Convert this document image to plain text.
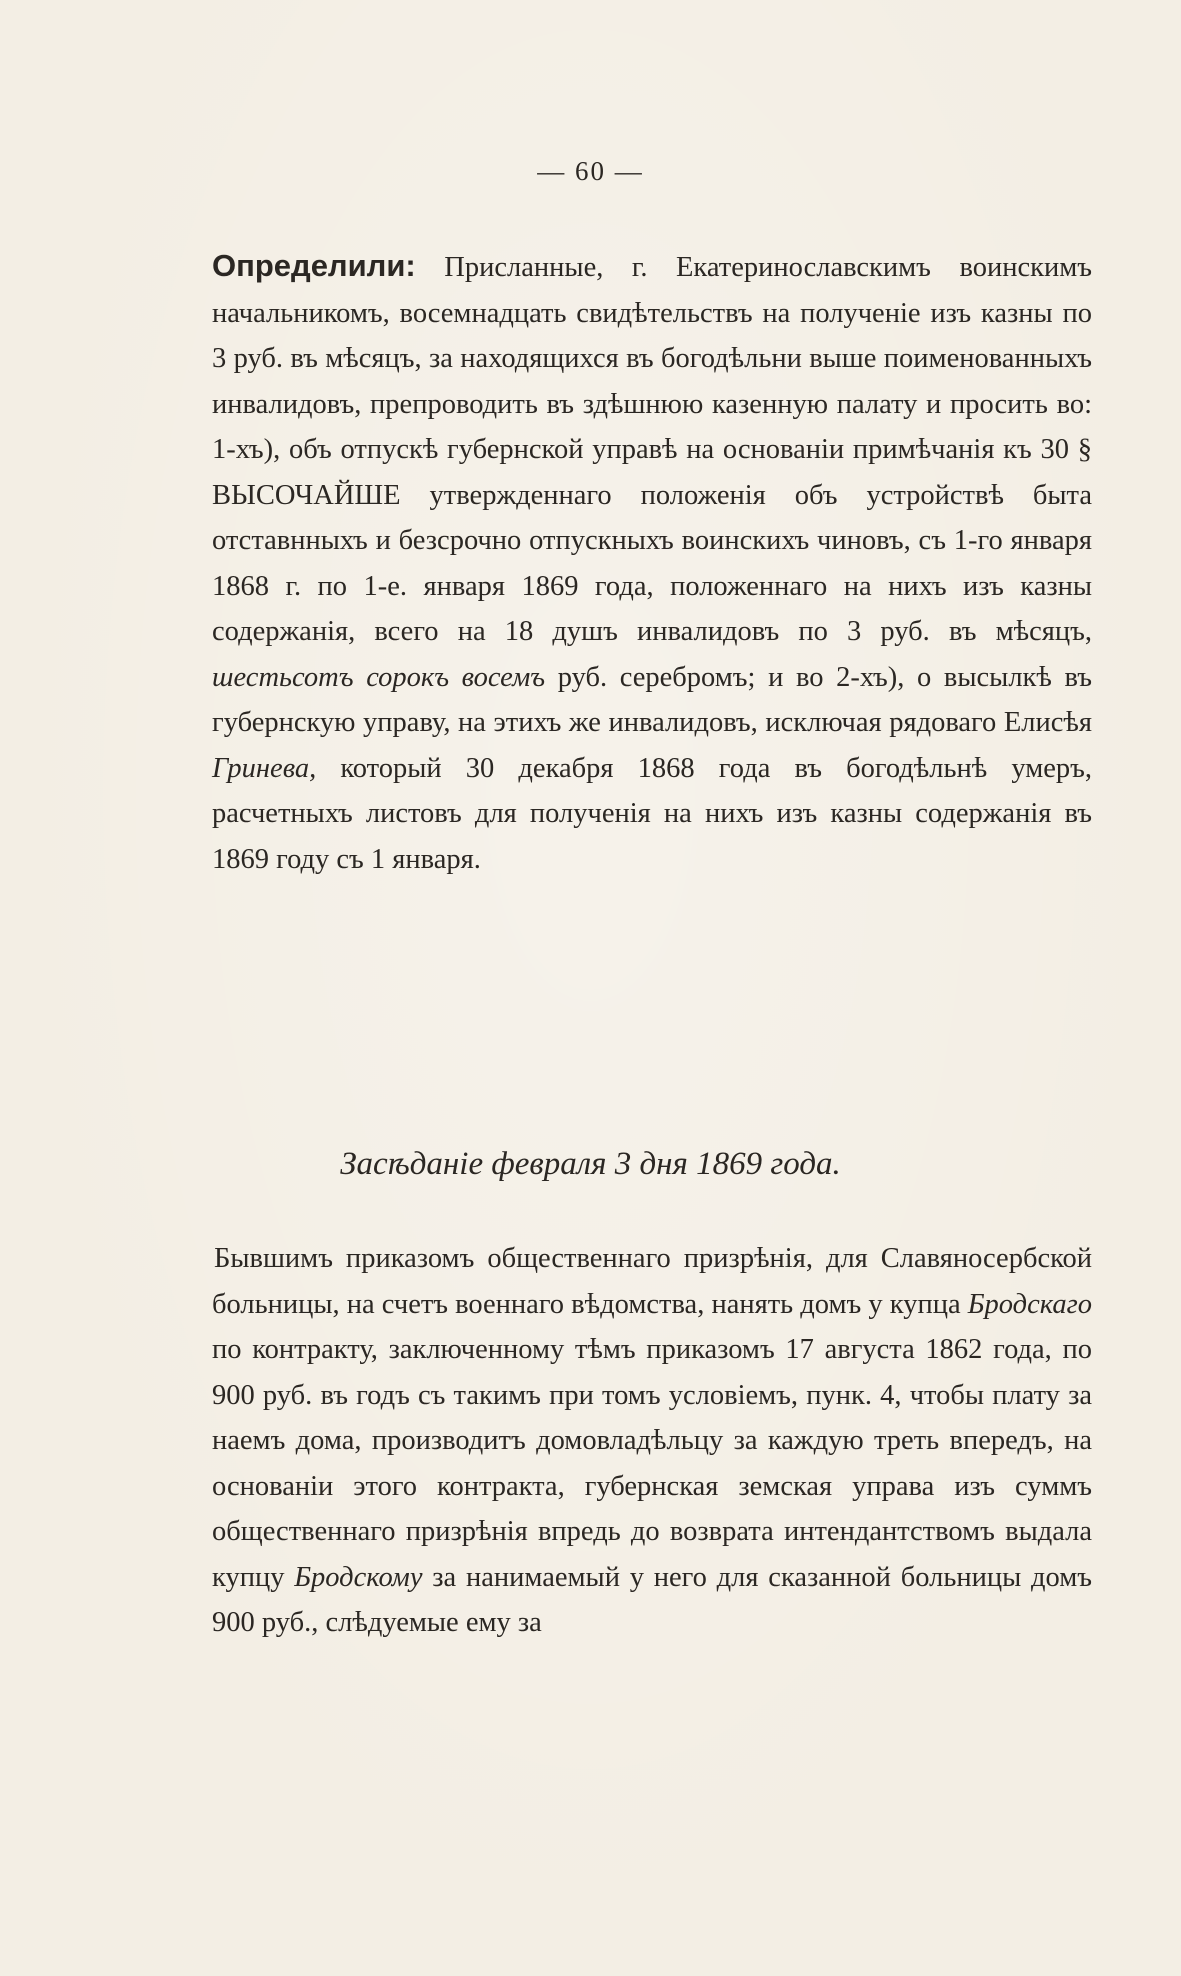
— 60 —

Определили: Присланные, г. Екатеринославскимъ воинскимъ начальникомъ, восемнадцать свидѣтельствъ на полученіе изъ казны по 3 руб. въ мѣсяцъ, за находящихся въ богодѣльни выше поименованныхъ инвалидовъ, препроводить въ здѣшнюю казенную палату и просить во: 1-хъ), объ отпускѣ губернской управѣ на основаніи примѣчанія къ 30 § ВЫСОЧАЙШЕ утвержденнаго положенія объ устройствѣ быта отставнныхъ и безсрочно отпускныхъ воинскихъ чиновъ, съ 1-го января 1868 г. по 1-е. января 1869 года, положеннаго на нихъ изъ казны содержанія, всего на 18 душъ инвалидовъ по 3 руб. въ мѣсяцъ, шестьсотъ сорокъ восемъ руб. серебромъ; и во 2-хъ), о высылкѣ въ губернскую управу, на этихъ же инвалидовъ, исключая рядоваго Елисѣя Гринева, который 30 декабря 1868 года въ богодѣльнѣ умеръ, расчетныхъ листовъ для полученія на нихъ изъ казны содержанія въ 1869 году съ 1 января.
Засѣданіе февраля 3 дня 1869 года.
Бывшимъ приказомъ общественнаго призрѣнія, для Славяносербской больницы, на счетъ военнаго вѣдомства, нанять домъ у купца Бродскаго по контракту, заключенному тѣмъ приказомъ 17 августа 1862 года, по 900 руб. въ годъ съ такимъ при томъ условіемъ, пунк. 4, чтобы плату за наемъ дома, производитъ домовладѣльцу за каждую треть впередъ, на основаніи этого контракта, губернская земская управа изъ суммъ общественнаго призрѣнія впредь до возврата интендантствомъ выдала купцу Бродскому за нанимаемый у него для сказанной больницы домъ 900 руб., слѣдуемые ему за
